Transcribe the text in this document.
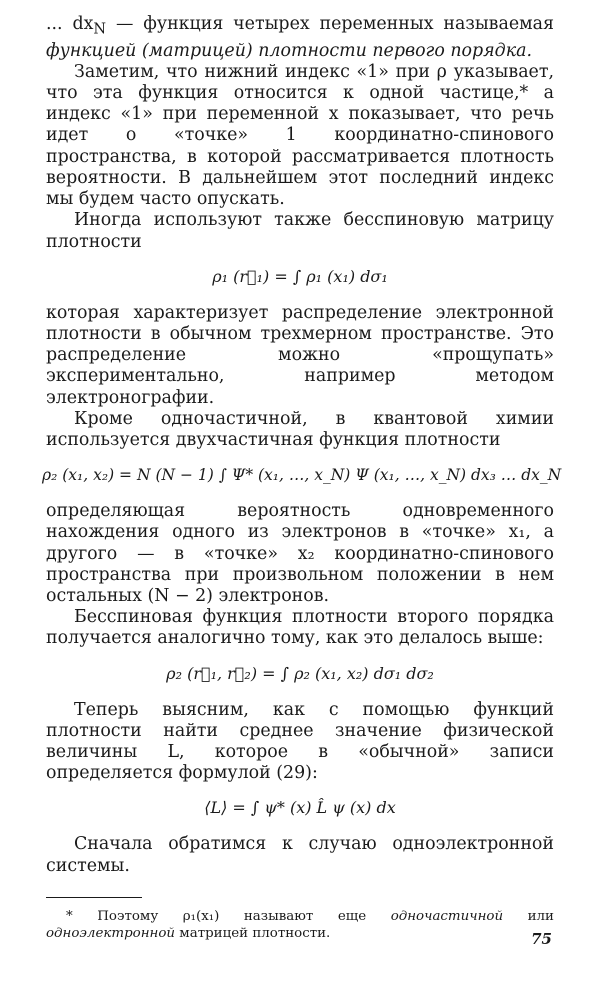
... $dx_N$ — функция четырех переменных называемая функцией (матрицей) плотности первого порядка.

Заметим, что нижний индекс «1» при ρ указывает, что эта функция относится к одной частице,* а индекс «1» при переменной x показывает, что речь идет о «точке» 1 координатно-спинового пространства, в которой рассматривается плотность вероятности. В дальнейшем этот последний индекс мы будем часто опускать.

Иногда используют также бесспиновую матрицу плотности

ρ₁ (r⃗₁) = ∫ ρ₁ (x₁) dσ₁

которая характеризует распределение электронной плотности в обычном трехмерном пространстве. Это распределение можно «прощупать» экспериментально, например методом электронографии.

Кроме одночастичной, в квантовой химии используется двухчастичная функция плотности

ρ₂ (x₁, x₂) = N (N − 1) ∫ Ψ* (x₁, …, x_N) Ψ (x₁, …, x_N) dx₃ … dx_N

определяющая вероятность одновременного нахождения одного из электронов в «точке» x₁, а другого — в «точке» x₂ координатно-спинового пространства при произвольном положении в нем остальных (N − 2) электронов.

Бесспиновая функция плотности второго порядка получается аналогично тому, как это делалось выше:

ρ₂ (r⃗₁, r⃗₂) = ∫ ρ₂ (x₁, x₂) dσ₁ dσ₂

Теперь выясним, как с помощью функций плотности найти среднее значение физической величины L, которое в «обычной» записи определяется формулой (29):

⟨L⟩ = ∫ ψ* (x) L̂ ψ (x) dx

Сначала обратимся к случаю одноэлектронной системы.

* Поэтому ρ₁(x₁) называют еще одночастичной или одноэлектронной матрицей плотности.	75
